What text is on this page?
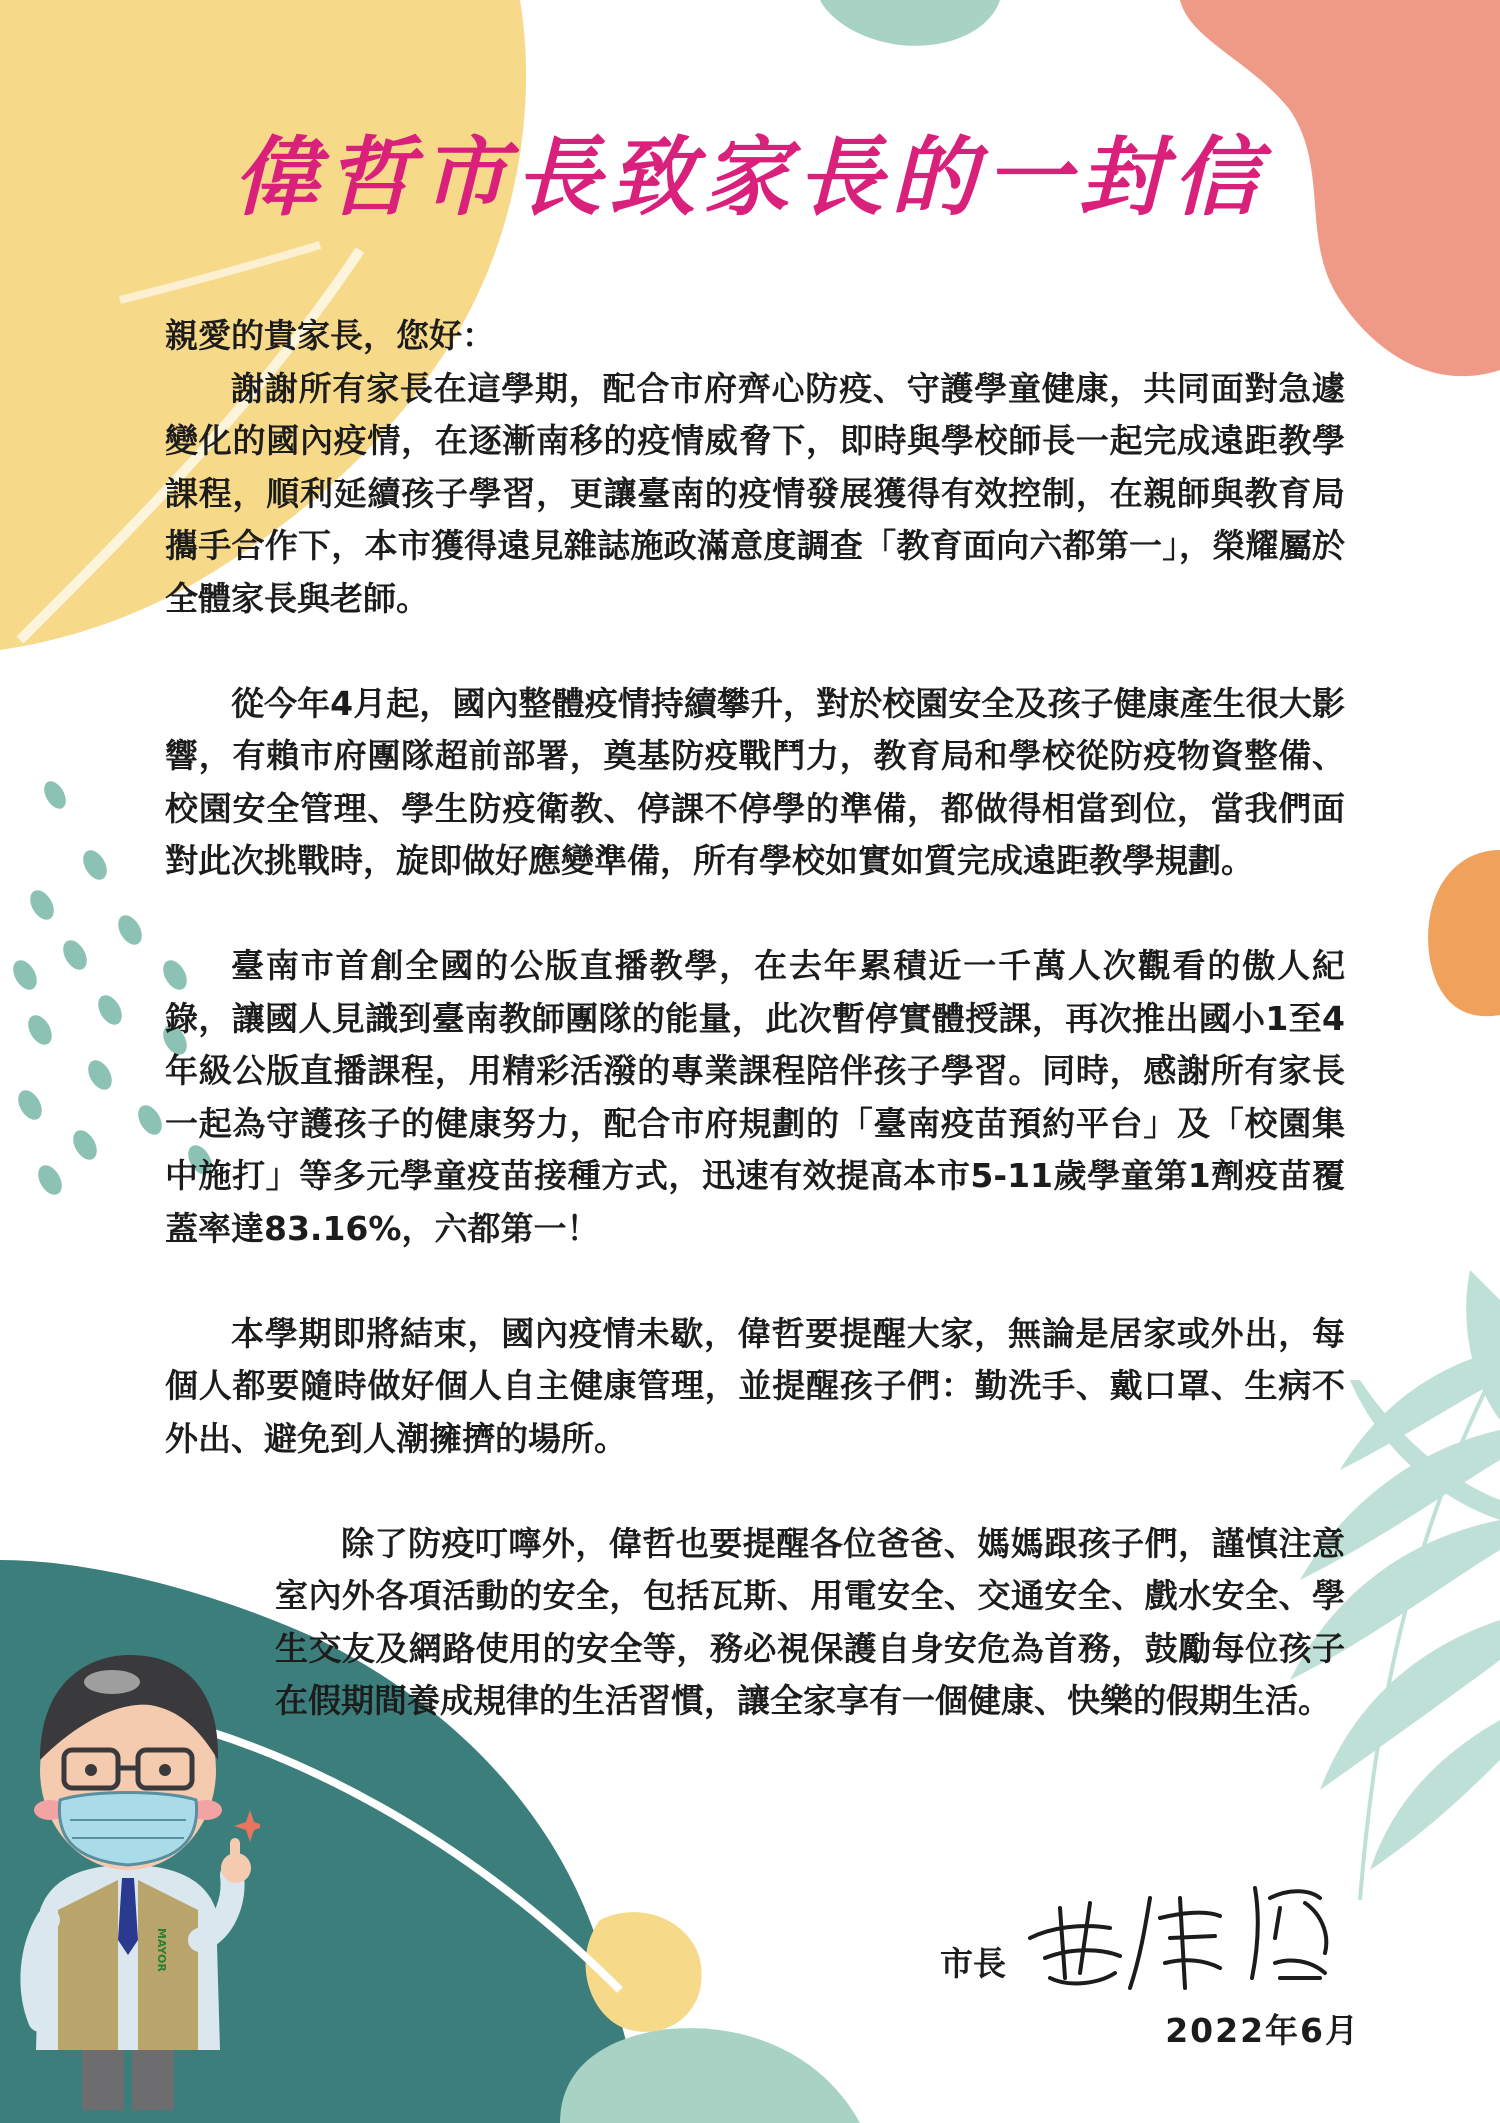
偉哲市長致家長的一封信

親愛的貴家長，您好：

謝謝所有家長在這學期，配合市府齊心防疫、守護學童健康，共同面對急遽變化的國內疫情，在逐漸南移的疫情威脅下，即時與學校師長一起完成遠距教學課程，順利延續孩子學習，更讓臺南的疫情發展獲得有效控制，在親師與教育局攜手合作下，本市獲得遠見雜誌施政滿意度調查「教育面向六都第一」，榮耀屬於全體家長與老師。

從今年4月起，國內整體疫情持續攀升，對於校園安全及孩子健康產生很大影響，有賴市府團隊超前部署，奠基防疫戰鬥力，教育局和學校從防疫物資整備、校園安全管理、學生防疫衛教、停課不停學的準備，都做得相當到位，當我們面對此次挑戰時，旋即做好應變準備，所有學校如實如質完成遠距教學規劃。

臺南市首創全國的公版直播教學，在去年累積近一千萬人次觀看的傲人紀錄，讓國人見識到臺南教師團隊的能量，此次暫停實體授課，再次推出國小1至4年級公版直播課程，用精彩活潑的專業課程陪伴孩子學習。同時，感謝所有家長一起為守護孩子的健康努力，配合市府規劃的「臺南疫苗預約平台」及「校園集中施打」等多元學童疫苗接種方式，迅速有效提高本市5-11歲學童第1劑疫苗覆蓋率達83.16%，六都第一！

本學期即將結束，國內疫情未歇，偉哲要提醒大家，無論是居家或外出，每個人都要隨時做好個人自主健康管理，並提醒孩子們：勤洗手、戴口罩、生病不外出、避免到人潮擁擠的場所。

除了防疫叮嚀外，偉哲也要提醒各位爸爸、媽媽跟孩子們，謹慎注意室內外各項活動的安全，包括瓦斯、用電安全、交通安全、戲水安全、學生交友及網路使用的安全等，務必視保護自身安危為首務，鼓勵每位孩子在假期間養成規律的生活習慣，讓全家享有一個健康、快樂的假期生活。

MAYOR	市長
2022年6月
